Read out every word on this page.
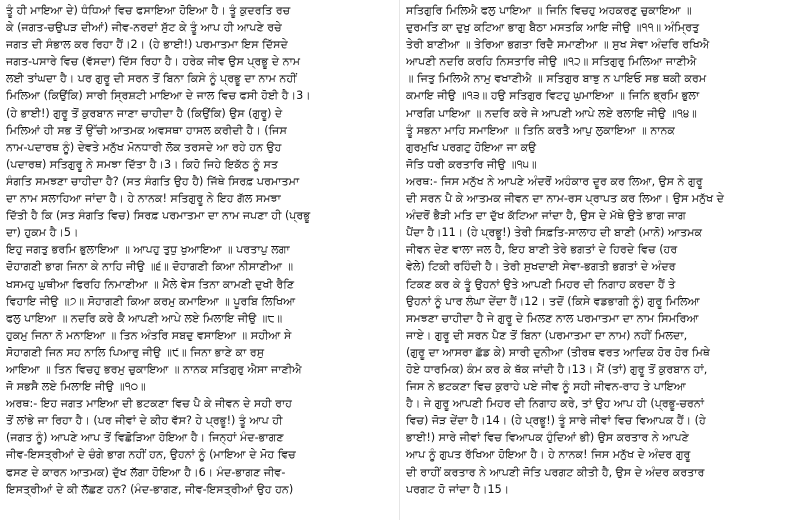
ਤੂੰ ਹੀ ਮਾਇਆ ਦੇ) ਧੰਧਿਆਂ ਵਿਚ ਫਸਾਇਆ ਹੋਇਆ ਹੈ। ਤੂੰ ਕੁਦਰਤਿ ਰਚ
ਕੇ (ਜਗਤ-ਚਉਪੜ ਦੀਆਂ) ਜੀਵ-ਨਰਦਾਂ ਸੁੱਟ ਕੇ ਤੂੰ ਆਪ ਹੀ ਆਪਣੇ ਰਚੇ
ਜਗਤ ਦੀ ਸੰਭਾਲ ਕਰ ਰਿਹਾ ਹੈਂ।2। (ਹੇ ਭਾਈ!) ਪਰਮਾਤਮਾ ਇਸ ਦਿੱਸਦੇ
ਜਗਤ-ਪਸਾਰੇ ਵਿਚ (ਵੱਸਦਾ) ਦਿੱਸ ਰਿਹਾ ਹੈ। ਹਰੇਕ ਜੀਵ ਉਸ ਪ੍ਰਭੂ ਦੇ ਨਾਮ
ਲਈ ਤਾਂਘਦਾ ਹੈ। ਪਰ ਗੁਰੂ ਦੀ ਸਰਨ ਤੋਂ ਬਿਨਾ ਕਿਸੇ ਨੂੰ ਪ੍ਰਭੂ ਦਾ ਨਾਮ ਨਹੀਂ
ਮਿਲਿਆ (ਕਿਉਂਕਿ) ਸਾਰੀ ਸ੍ਰਿਸ਼ਟੀ ਮਾਇਆ ਦੇ ਜਾਲ ਵਿਚ ਫਸੀ ਹੋਈ ਹੈ।3।
(ਹੇ ਭਾਈ!) ਗੁਰੂ ਤੋਂ ਕੁਰਬਾਨ ਜਾਣਾ ਚਾਹੀਦਾ ਹੈ (ਕਿਉਂਕਿ) ਉਸ (ਗੁਰੂ) ਦੇ
ਮਿਲਿਆਂ ਹੀ ਸਭ ਤੋਂ ਉੱਚੀ ਆਤਮਕ ਅਵਸਥਾ ਹਾਸਲ ਕਰੀਦੀ ਹੈ। (ਜਿਸ
ਨਾਮ-ਪਦਾਰਥ ਨੂੰ) ਦੇਵਤੇ ਮਨੁੱਖ ਮੋਨਧਾਰੀ ਲੋਕ ਤਰਸਦੇ ਆ ਰਹੇ ਹਨ ਉਹ
(ਪਦਾਰਥ) ਸਤਿਗੁਰੂ ਨੇ ਸਮਝਾ ਦਿੱਤਾ ਹੈ।3। ਕਿਹੋ ਜਿਹੇ ਇਕੱਠ ਨੂੰ ਸਤ
ਸੰਗਤਿ ਸਮਝਣਾ ਚਾਹੀਦਾ ਹੈ? (ਸਤ ਸੰਗਤਿ ਉਹ ਹੈ) ਜਿੱਥੇ ਸਿਰਫ਼ ਪਰਮਾਤਮਾ
ਦਾ ਨਾਮ ਸਲਾਹਿਆ ਜਾਂਦਾ ਹੈ। ਹੇ ਨਾਨਕ! ਸਤਿਗੁਰੂ ਨੇ ਇਹ ਗੱਲ ਸਮਝਾ
ਦਿੱਤੀ ਹੈ ਕਿ (ਸਤ ਸੰਗਤਿ ਵਿਚ) ਸਿਰਫ਼ ਪਰਮਾਤਮਾ ਦਾ ਨਾਮ ਜਪਣਾ ਹੀ (ਪ੍ਰਭੂ
ਦਾ) ਹੁਕਮ ਹੈ।5।
ਇਹੁ ਜਗਤੁ ਭਰਮਿ ਭੁਲਾਇਆ ॥ ਆਪਹੁ ਤੁਧੁ ਖੁਆਇਆ ॥ ਪਰਤਾਪੁ ਲਗਾ
ਦੋਹਾਗਣੀ ਭਾਗ ਜਿਨਾ ਕੇ ਨਾਹਿ ਜੀਉ ॥੬॥ ਦੋਹਾਗਣੀ ਕਿਆ ਨੀਸਾਣੀਆ ॥
ਖਸਮਹੁ ਘੁਥੀਆ ਫਿਰਹਿ ਨਿਮਾਣੀਆ ॥ ਮੈਲੇ ਵੇਸ ਤਿਨਾ ਕਾਮਣੀ ਦੁਖੀ ਰੈਣਿ
ਵਿਹਾਇ ਜੀਉ ॥੭॥ ਸੋਹਾਗਣੀ ਕਿਆ ਕਰਮੁ ਕਮਾਇਆ ॥ ਪੂਰਬਿ ਲਿਖਿਆ
ਫਲੁ ਪਾਇਆ ॥ ਨਦਰਿ ਕਰੇ ਕੈ ਆਪਣੀ ਆਪੇ ਲਏ ਮਿਲਾਇ ਜੀਉ ॥੮॥
ਹੁਕਮੁ ਜਿਨਾ ਨੋ ਮਨਾਇਆ ॥ ਤਿਨ ਅੰਤਰਿ ਸਬਦੁ ਵਸਾਇਆ ॥ ਸਹੀਆ ਸੇ
ਸੋਹਾਗਣੀ ਜਿਨ ਸਹ ਨਾਲਿ ਪਿਆਰੁ ਜੀਉ ॥੯॥ ਜਿਨਾ ਭਾਣੇ ਕਾ ਰਸੁ
ਆਇਆ ॥ ਤਿਨ ਵਿਚਹੁ ਭਰਮੁ ਚੁਕਾਇਆ ॥ ਨਾਨਕ ਸਤਿਗੁਰੁ ਐਸਾ ਜਾਣੀਐ
ਜੋ ਸਭਸੈ ਲਏ ਮਿਲਾਇ ਜੀਉ ॥੧੦॥
ਅਰਥ:- ਇਹ ਜਗਤ ਮਾਇਆ ਦੀ ਭਟਕਣਾ ਵਿਚ ਪੈ ਕੇ ਜੀਵਨ ਦੇ ਸਹੀ ਰਾਹ
ਤੋਂ ਲਾਂਭੇ ਜਾ ਰਿਹਾ ਹੈ। (ਪਰ ਜੀਵਾਂ ਦੇ ਕੀਹ ਵੱਸ? ਹੇ ਪ੍ਰਭੂ!) ਤੂੰ ਆਪ ਹੀ
(ਜਗਤ ਨੂੰ) ਆਪਣੇ ਆਪ ਤੋਂ ਵਿਛੋੜਿਆ ਹੋਇਆ ਹੈ। ਜਿਨ੍ਹਾਂ ਮੰਦ-ਭਾਗਣ
ਜੀਵ-ਇਸਤ੍ਰੀਆਂ ਦੇ ਚੰਗੇ ਭਾਗ ਨਹੀਂ ਹਨ, ਉਹਨਾਂ ਨੂੰ (ਮਾਇਆ ਦੇ ਮੋਹ ਵਿਚ
ਫਸਣ ਦੇ ਕਾਰਨ ਆਤਮਕ) ਦੁੱਖ ਲੱਗਾ ਹੋਇਆ ਹੈ।6। ਮੰਦ-ਭਾਗਣ ਜੀਵ-
ਇਸਤ੍ਰੀਆਂ ਦੇ ਕੀ ਲੱਛਣ ਹਨ? (ਮੰਦ-ਭਾਗਣ, ਜੀਵ-ਇਸਤ੍ਰੀਆਂ ਉਹ ਹਨ)
ਸਤਿਗੁਰਿ ਮਿਲਿਐ ਫਲੁ ਪਾਇਆ ॥ ਜਿਨਿ ਵਿਚਹੁ ਅਹਕਰਣੁ ਚੁਕਾਇਆ ॥
ਦੁਰਮਤਿ ਕਾ ਦੁਖੁ ਕਟਿਆ ਭਾਗੁ ਬੈਠਾ ਮਸਤਕਿ ਆਇ ਜੀਉ ॥੧੧॥ ਅੰਮ੍ਰਿਤੁ
ਤੇਰੀ ਬਾਣੀਆ ॥ ਤੇਰਿਆ ਭਗਤਾ ਰਿਦੈ ਸਮਾਣੀਆ ॥ ਸੁਖ ਸੇਵਾ ਅੰਦਰਿ ਰਖਿਐ
ਆਪਣੀ ਨਦਰਿ ਕਰਹਿ ਨਿਸਤਾਰਿ ਜੀਉ ॥੧੨॥ ਸਤਿਗੁਰੁ ਮਿਲਿਆ ਜਾਣੀਐ
॥ ਜਿਤੁ ਮਿਲਿਐ ਨਾਮੁ ਵਖਾਣੀਐ ॥ ਸਤਿਗੁਰ ਬਾਝੁ ਨ ਪਾਇਓ ਸਭ ਥਕੀ ਕਰਮ
ਕਮਾਇ ਜੀਉ ॥੧੩॥ ਹਉ ਸਤਿਗੁਰ ਵਿਟਹੁ ਘੁਮਾਇਆ ॥ ਜਿਨਿ ਭ੍ਰਮਿ ਭੁਲਾ
ਮਾਰਗਿ ਪਾਇਆ ॥ ਨਦਰਿ ਕਰੇ ਜੇ ਆਪਣੀ ਆਪੇ ਲਏ ਰਲਾਇ ਜੀਉ ॥੧੪॥
ਤੂੰ ਸਭਨਾ ਮਾਹਿ ਸਮਾਇਆ ॥ ਤਿਨਿ ਕਰਤੈ ਆਪੁ ਲੁਕਾਇਆ ॥ ਨਾਨਕ
ਗੁਰਮੁਖਿ ਪਰਗਟੁ ਹੋਇਆ ਜਾ ਕਉ
ਜੋਤਿ ਧਰੀ ਕਰਤਾਰਿ ਜੀਉ ॥੧੫॥
ਅਰਥ:- ਜਿਸ ਮਨੁੱਖ ਨੇ ਆਪਣੇ ਅੰਦਰੋਂ ਅਹੰਕਾਰ ਦੂਰ ਕਰ ਲਿਆ, ਉਸ ਨੇ ਗੁਰੂ
ਦੀ ਸਰਨ ਪੈ ਕੇ ਆਤਮਕ ਜੀਵਨ ਦਾ ਨਾਮ-ਰਸ ਪ੍ਰਾਪਤ ਕਰ ਲਿਆ। ਉਸ ਮਨੁੱਖ ਦੇ
ਅੰਦਰੋਂ ਭੈੜੀ ਮਤਿ ਦਾ ਦੁੱਖ ਕੱਟਿਆ ਜਾਂਦਾ ਹੈ, ਉਸ ਦੇ ਮੱਥੇ ਉਤੇ ਭਾਗ ਜਾਗ
ਪੈਂਦਾ ਹੈ।11। (ਹੇ ਪ੍ਰਭੂ!) ਤੇਰੀ ਸਿਫ਼ਤਿ-ਸਾਲਾਹ ਦੀ ਬਾਣੀ (ਮਾਨੋ) ਆਤਮਕ
ਜੀਵਨ ਦੇਣ ਵਾਲਾ ਜਲ ਹੈ, ਇਹ ਬਾਣੀ ਤੇਰੇ ਭਗਤਾਂ ਦੇ ਹਿਰਦੇ ਵਿਚ (ਹਰ
ਵੇਲੇ) ਟਿਕੀ ਰਹਿੰਦੀ ਹੈ। ਤੇਰੀ ਸੁਖਦਾਈ ਸੇਵਾ-ਭਗਤੀ ਭਗਤਾਂ ਦੇ ਅੰਦਰ
ਟਿਕਣ ਕਰ ਕੇ ਤੂੰ ਉਹਨਾਂ ਉਤੇ ਆਪਣੀ ਮਿਹਰ ਦੀ ਨਿਗਾਹ ਕਰਦਾ ਹੈਂ ਤੇ
ਉਹਨਾਂ ਨੂੰ ਪਾਰ ਲੰਘਾ ਦੇਂਦਾ ਹੈਂ।12। ਤਦੋਂ (ਕਿਸੇ ਵਡਭਾਗੀ ਨੂੰ) ਗੁਰੂ ਮਿਲਿਆ
ਸਮਝਣਾ ਚਾਹੀਦਾ ਹੈ ਜੇ ਗੁਰੂ ਦੇ ਮਿਲਣ ਨਾਲ ਪਰਮਾਤਮਾ ਦਾ ਨਾਮ ਸਿਮਰਿਆ
ਜਾਏ। ਗੁਰੂ ਦੀ ਸਰਨ ਪੈਣ ਤੋਂ ਬਿਨਾ (ਪਰਮਾਤਮਾ ਦਾ ਨਾਮ) ਨਹੀਂ ਮਿਲਦਾ,
(ਗੁਰੂ ਦਾ ਆਸਰਾ ਛੱਡ ਕੇ) ਸਾਰੀ ਦੁਨੀਆ (ਤੀਰਥ ਵਰਤ ਆਦਿਕ ਹੋਰ ਹੋਰ ਮਿਥੇ
ਹੋਏ ਧਾਰਮਿਕ) ਕੰਮ ਕਰ ਕੇ ਥੱਕ ਜਾਂਦੀ ਹੈ।13। ਮੈਂ (ਤਾਂ) ਗੁਰੂ ਤੋਂ ਕੁਰਬਾਨ ਹਾਂ,
ਜਿਸ ਨੇ ਭਟਕਣਾ ਵਿਚ ਕੁਰਾਹੇ ਪਏ ਜੀਵ ਨੂੰ ਸਹੀ ਜੀਵਨ-ਰਾਹ ਤੇ ਪਾਇਆ
ਹੈ। ਜੇ ਗੁਰੂ ਆਪਣੀ ਮਿਹਰ ਦੀ ਨਿਗਾਹ ਕਰੇ, ਤਾਂ ਉਹ ਆਪ ਹੀ (ਪ੍ਰਭੂ-ਚਰਨਾਂ
ਵਿਚ) ਜੋੜ ਦੇਂਦਾ ਹੈ।14। (ਹੇ ਪ੍ਰਭੂ!) ਤੂੰ ਸਾਰੇ ਜੀਵਾਂ ਵਿਚ ਵਿਆਪਕ ਹੈਂ। (ਹੇ
ਭਾਈ!) ਸਾਰੇ ਜੀਵਾਂ ਵਿਚ ਵਿਆਪਕ ਹੁੰਦਿਆਂ ਭੀ) ਉਸ ਕਰਤਾਰ ਨੇ ਆਪਣੇ
ਆਪ ਨੂੰ ਗੁਪਤ ਰੱਖਿਆ ਹੋਇਆ ਹੈ। ਹੇ ਨਾਨਕ! ਜਿਸ ਮਨੁੱਖ ਦੇ ਅੰਦਰ ਗੁਰੂ
ਦੀ ਰਾਹੀਂ ਕਰਤਾਰ ਨੇ ਆਪਣੀ ਜੋਤਿ ਪਰਗਟ ਕੀਤੀ ਹੈ, ਉਸ ਦੇ ਅੰਦਰ ਕਰਤਾਰ
ਪਰਗਟ ਹੋ ਜਾਂਦਾ ਹੈ।15।
